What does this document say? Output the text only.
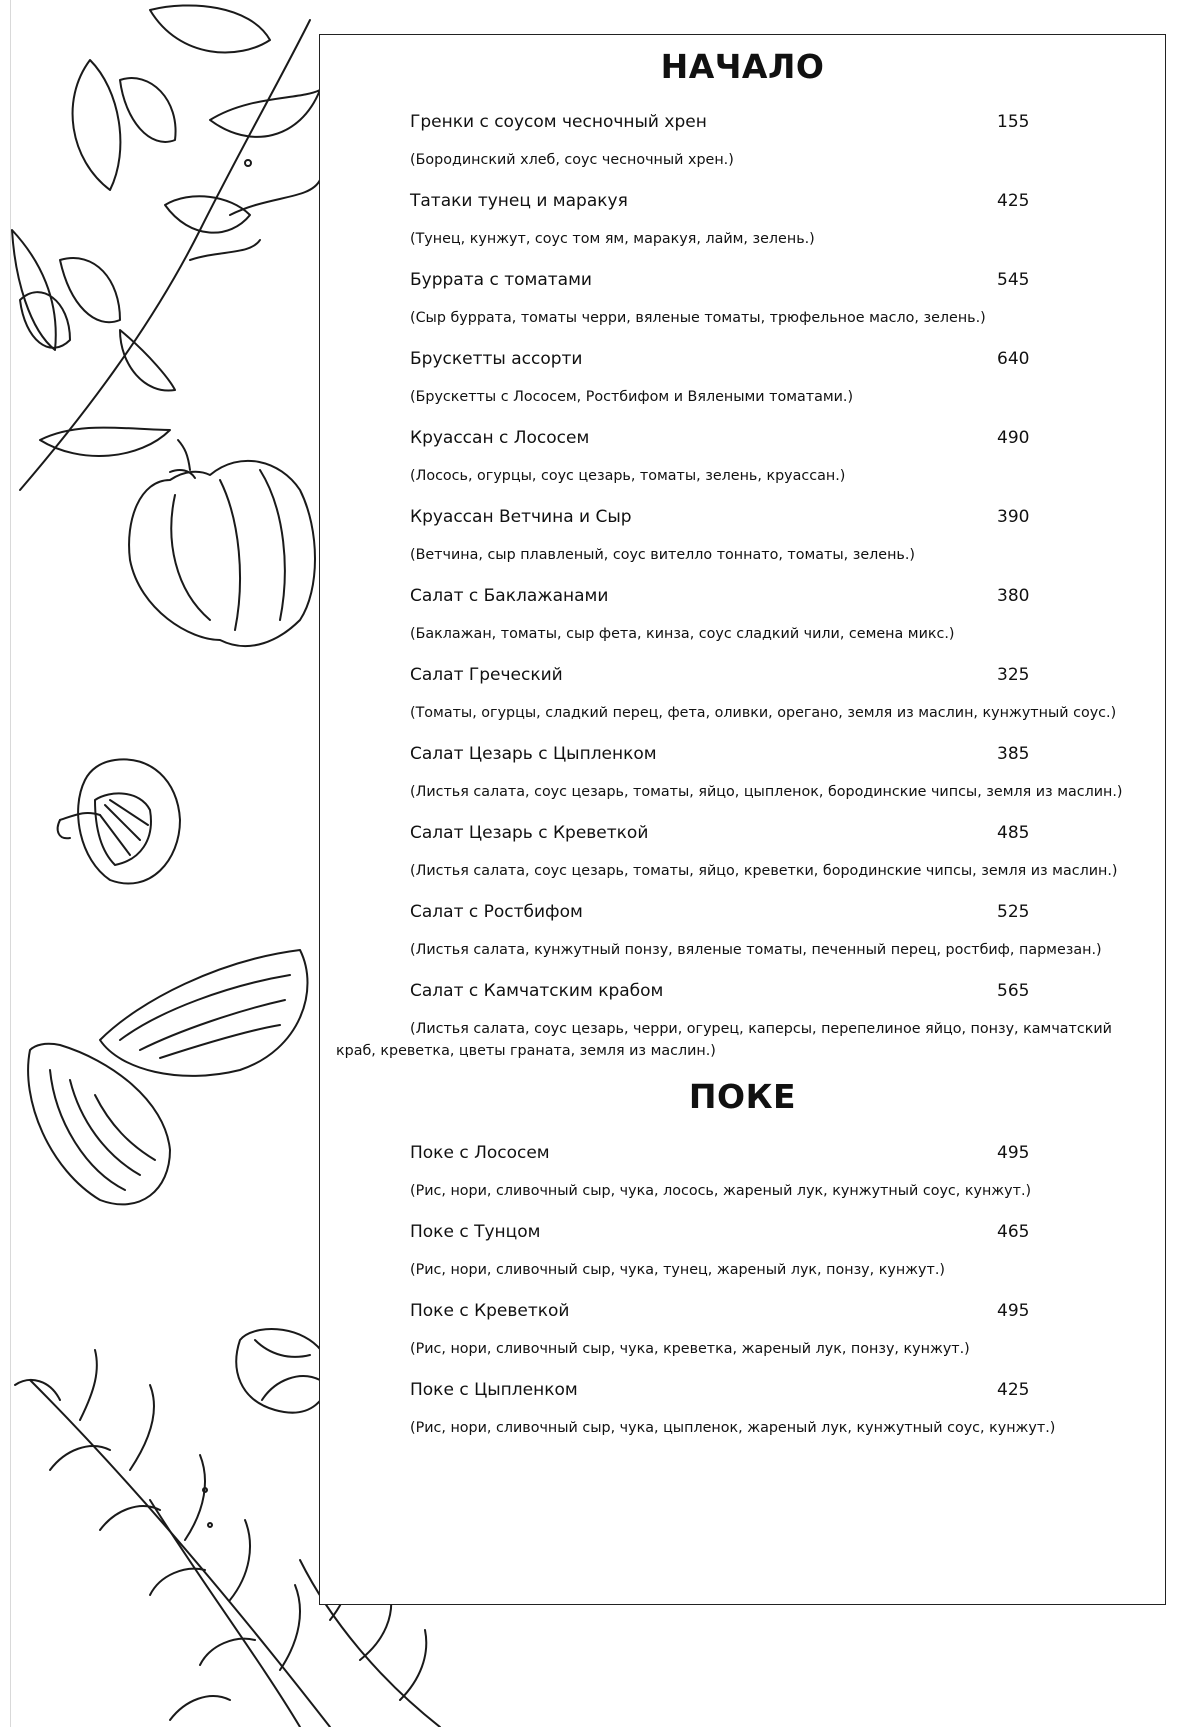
НАЧАЛО
Гренки с соусом чесночный хрен	155
(Бородинский хлеб, соус чесночный хрен.)
Татаки тунец и маракуя	425
(Тунец, кунжут, соус том ям, маракуя, лайм, зелень.)
Буррата с томатами	545
(Сыр буррата, томаты черри, вяленые томаты, трюфельное масло, зелень.)
Брускетты ассорти	640
(Брускетты с Лососем, Ростбифом и Вялеными томатами.)
Круассан с Лососем	490
(Лосось, огурцы, соус цезарь, томаты, зелень, круассан.)
Круассан Ветчина и Сыр	390
(Ветчина, сыр плавленый, соус вителло тоннато, томаты, зелень.)
Салат с Баклажанами	380
(Баклажан, томаты, сыр фета, кинза, соус сладкий чили, семена микс.)
Салат Греческий	325
(Томаты, огурцы, сладкий перец, фета, оливки, орегано, земля из маслин, кунжутный соус.)
Салат Цезарь с Цыпленком	385
(Листья салата, соус цезарь, томаты, яйцо, цыпленок, бородинские чипсы, земля из маслин.)
Салат Цезарь с Креветкой	485
(Листья салата, соус цезарь, томаты, яйцо, креветки, бородинские чипсы, земля из маслин.)
Салат с Ростбифом	525
(Листья салата, кунжутный понзу, вяленые томаты, печенный перец, ростбиф, пармезан.)
Салат с Камчатским крабом	565
(Листья салата, соус цезарь, черри, огурец, каперсы, перепелиное яйцо, понзу, камчатский краб, креветка, цветы граната, земля из маслин.)
ПОКЕ
Поке с Лососем	495
(Рис, нори, сливочный сыр, чука, лосось, жареный лук, кунжутный соус, кунжут.)
Поке с Тунцом	465
(Рис, нори, сливочный сыр, чука, тунец, жареный лук, понзу, кунжут.)
Поке с Креветкой	495
(Рис, нори, сливочный сыр, чука, креветка, жареный лук, понзу, кунжут.)
Поке с Цыпленком	425
(Рис, нори, сливочный сыр, чука, цыпленок, жареный лук, кунжутный соус, кунжут.)
